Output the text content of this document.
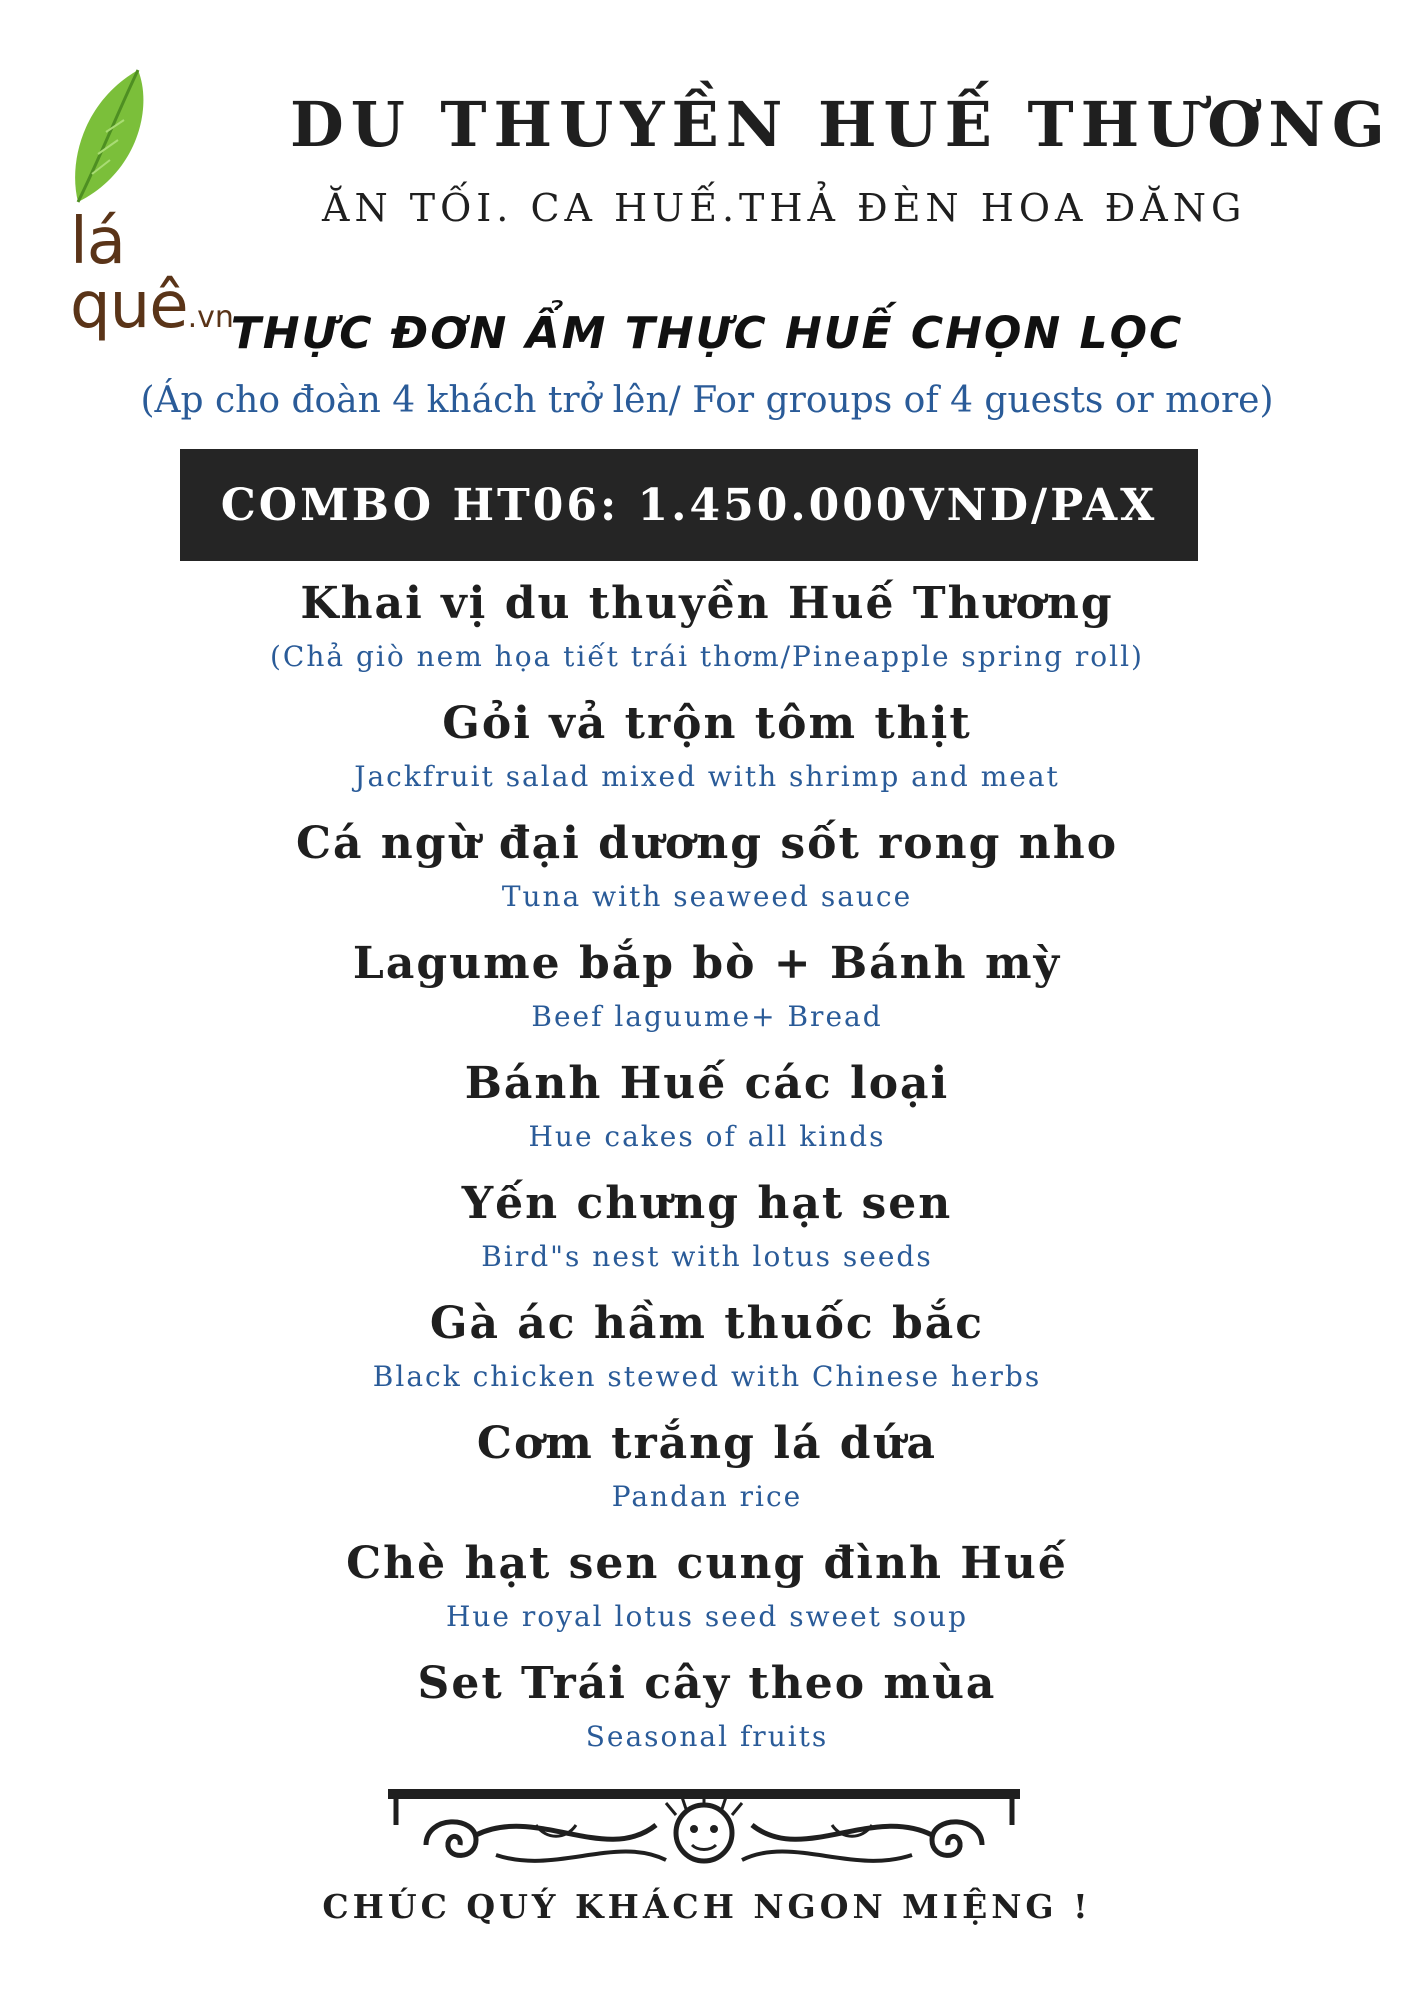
lá quê.vn
DU THUYỀN HUẾ THƯƠNG

ĂN TỐI. CA HUẾ.THẢ ĐÈN HOA ĐĂNG

THỰC ĐƠN ẨM THỰC HUẾ CHỌN LỌC

(Áp cho đoàn 4 khách trở lên/ For groups of 4 guests or more)

COMBO HT06: 1.450.000VND/PAX
Khai vị du thuyền Huế Thương
(Chả giò nem họa tiết trái thơm/Pineapple spring roll)
Gỏi vả trộn tôm thịt
Jackfruit salad mixed with shrimp and meat
Cá ngừ đại dương sốt rong nho
Tuna with seaweed sauce
Lagume bắp bò + Bánh mỳ
Beef laguume+ Bread
Bánh Huế các loại
Hue cakes of all kinds
Yến chưng hạt sen
Bird"s nest with lotus seeds
Gà ác hầm thuốc bắc
Black chicken stewed with Chinese herbs
Cơm trắng lá dứa
Pandan rice
Chè hạt sen cung đình Huế
Hue royal lotus seed sweet soup
Set Trái cây theo mùa
Seasonal fruits

CHÚC QUÝ KHÁCH NGON MIỆNG !
